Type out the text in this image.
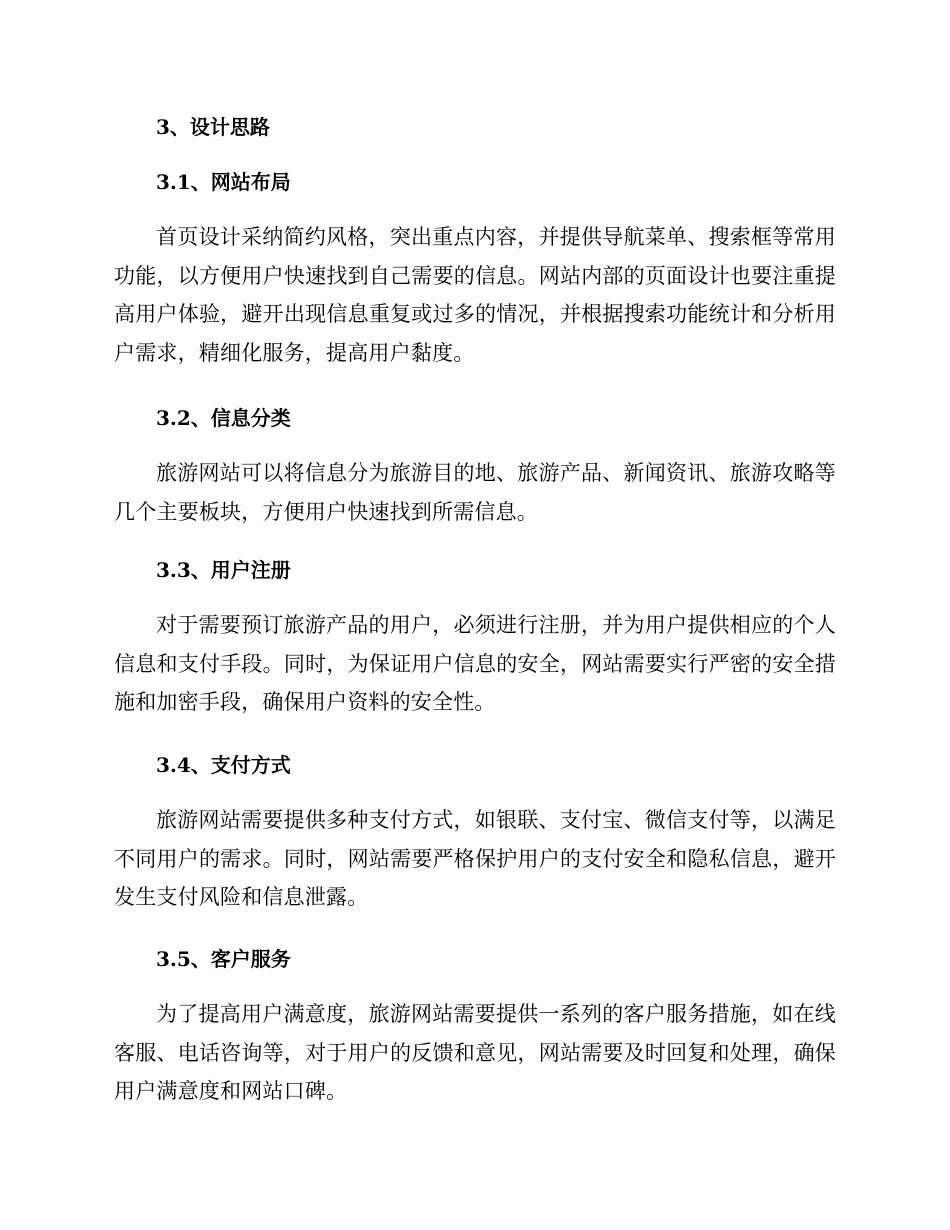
3、设计思路
3.1、网站布局
首页设计采纳简约风格，突出重点内容，并提供导航菜单、搜索框等常用功能，以方便用户快速找到自己需要的信息。网站内部的页面设计也要注重提高用户体验，避开出现信息重复或过多的情况，并根据搜索功能统计和分析用户需求，精细化服务，提高用户黏度。
3.2、信息分类
旅游网站可以将信息分为旅游目的地、旅游产品、新闻资讯、旅游攻略等几个主要板块，方便用户快速找到所需信息。
3.3、用户注册
对于需要预订旅游产品的用户，必须进行注册，并为用户提供相应的个人信息和支付手段。同时，为保证用户信息的安全，网站需要实行严密的安全措施和加密手段，确保用户资料的安全性。
3.4、支付方式
旅游网站需要提供多种支付方式，如银联、支付宝、微信支付等，以满足不同用户的需求。同时，网站需要严格保护用户的支付安全和隐私信息，避开发生支付风险和信息泄露。
3.5、客户服务
为了提高用户满意度，旅游网站需要提供一系列的客户服务措施，如在线客服、电话咨询等，对于用户的反馈和意见，网站需要及时回复和处理，确保用户满意度和网站口碑。
